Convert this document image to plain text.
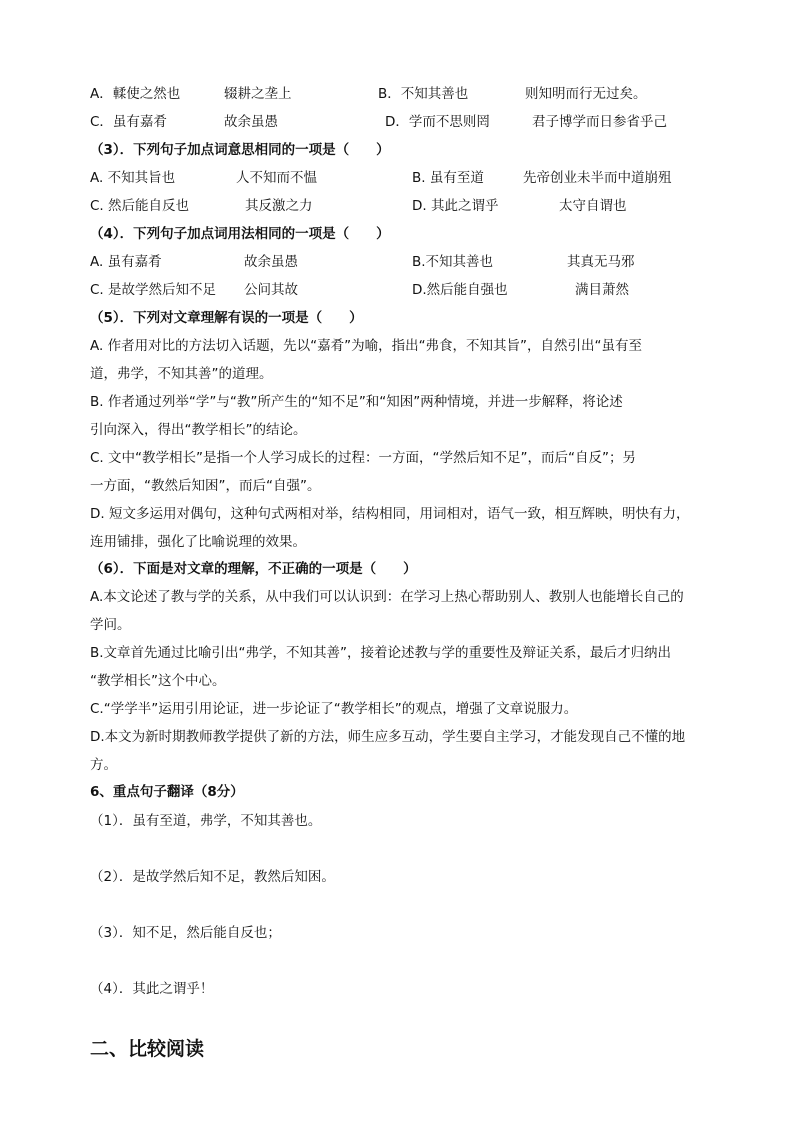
A．輮使之然也	辍耕之垄上	B．不知其善也	则知明而行无过矣。
C．虽有嘉肴	故余虽愚	D．学而不思则罔	君子博学而日参省乎己
（3）．下列句子加点词意思相同的一项是（　　）
A. 不知其旨也	人不知而不愠	B. 虽有至道	先帝创业未半而中道崩殂
C. 然后能自反也	其反激之力	D. 其此之谓乎	太守自谓也
（4）．下列句子加点词用法相同的一项是（　　）
A. 虽有嘉肴	故余虽愚	B.不知其善也	其真无马邪
C. 是故学然后知不足 公问其故	D.然后能自强也	满目萧然
（5）．下列对文章理解有误的一项是（　　）
A. 作者用对比的方法切入话题，先以“嘉肴”为喻，指出“弗食，不知其旨”，自然引出“虽有至
道，弗学，不知其善”的道理。
B. 作者通过列举“学”与“教”所产生的“知不足”和“知困”两种情境，并进一步解释，将论述
引向深入，得出“教学相长”的结论。
C. 文中“教学相长”是指一个人学习成长的过程：一方面，“学然后知不足”，而后“自反”；另
一方面，“教然后知困”，而后“自强”。
D. 短文多运用对偶句，这种句式两相对举，结构相同，用词相对，语气一致，相互辉映，明快有力，
连用铺排，强化了比喻说理的效果。
（6）．下面是对文章的理解，不正确的一项是（　　）
A.本文论述了教与学的关系，从中我们可以认识到：在学习上热心帮助别人、教别人也能增长自己的
学问。
B.文章首先通过比喻引出“弗学，不知其善”，接着论述教与学的重要性及辩证关系，最后才归纳出
“教学相长”这个中心。
C.“学学半”运用引用论证，进一步论证了“教学相长”的观点，增强了文章说服力。
D.本文为新时期教师教学提供了新的方法，师生应多互动，学生要自主学习，才能发现自己不懂的地
方。
6、重点句子翻译（8分）
（1）．虽有至道，弗学，不知其善也。
（2）．是故学然后知不足，教然后知困。
（3）．知不足，然后能自反也；
（4）．其此之谓乎！
二、比较阅读
